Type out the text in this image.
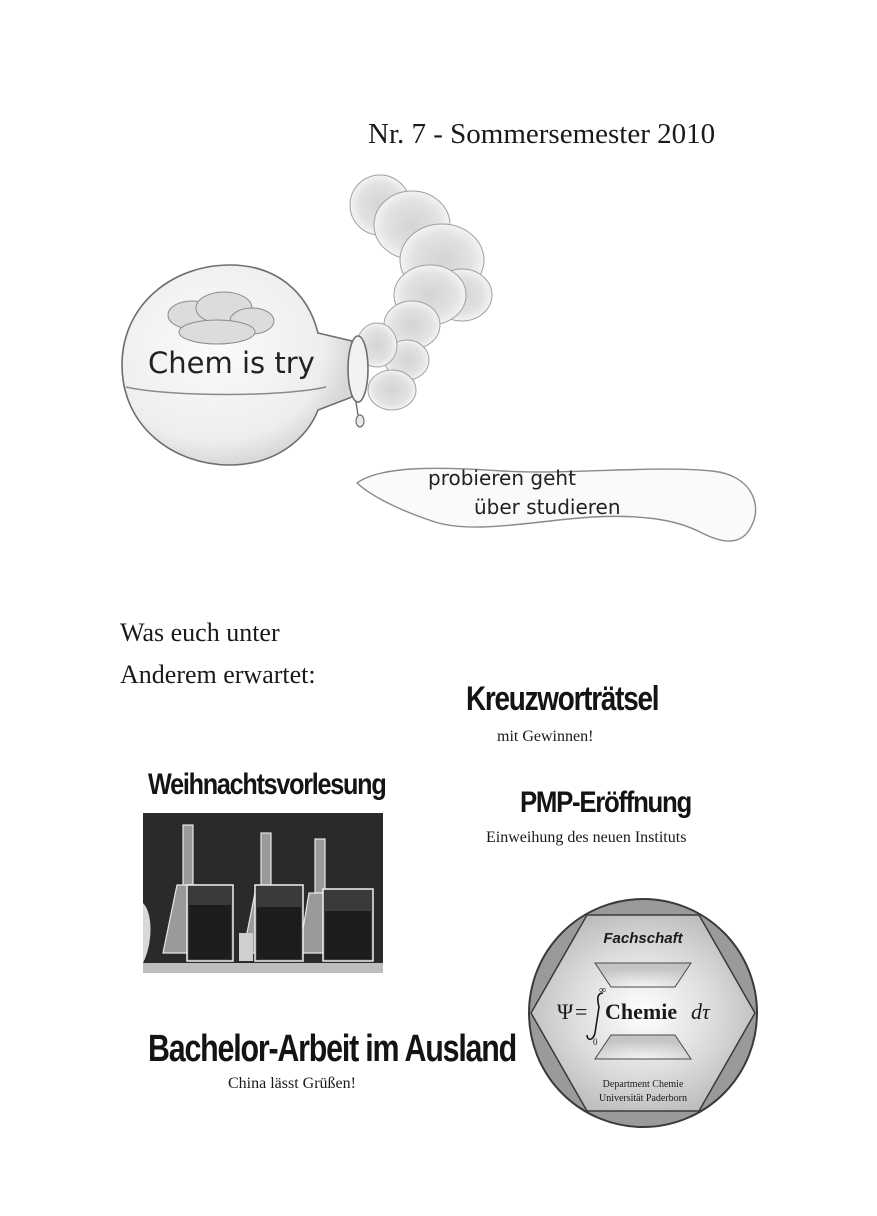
Nr. 7 - Sommersemester 2010
Chem is try
probieren geht
über studieren
Was euch unter
Anderem erwartet:
Kreuzworträtsel
mit Gewinnen!
Weihnachtsvorlesung
PMP-Eröffnung
Einweihung des neuen Instituts
Bachelor-Arbeit im Ausland
China lässt Grüßen!
Fachschaft
Ψ =
∞
0
Chemie dτ
Department Chemie
Universität Paderborn
